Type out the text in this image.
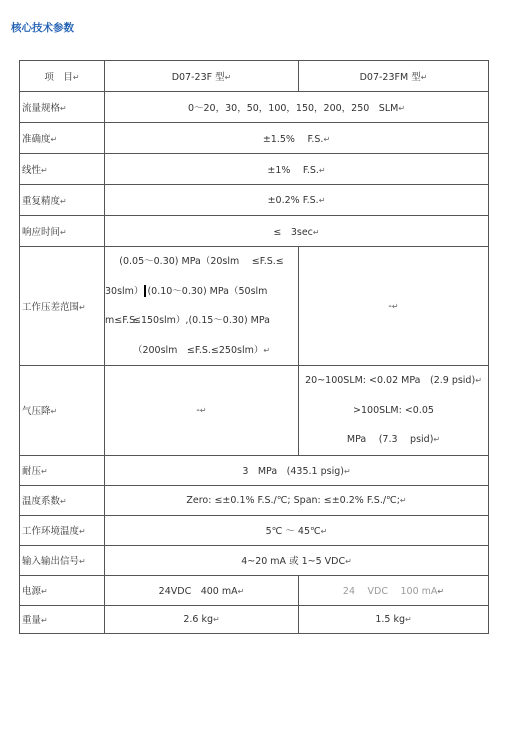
核心技术参数
项　目↵	D07-23F 型↵	D07-23FM 型↵
流量规格↵	0～20，30，50，100，150，200，250　SLM↵	
准确度↵	±1.5%　 F.S.↵	
线性↵	±1%　 F.S.↵	
重复精度↵	±0.2% F.S.↵	
响应时间↵	≤　3sec↵	
工作压差范围↵	(0.05～0.30) MPa（20slm　 ≤F.S.≤
30slm） (0.10～0.30) MPa（50slm m≤F.S.
≤150slm）,(0.15～0.30) MPa
（200slm　≤F.S.≤250slm）↵	-↵
气压降↵	-↵	20~100SLM: <0.02 MPa　(2.9 psid)↵
>100SLM: <0.05
MPa　 (7.3　 psid)↵

耐压↵	3　MPa　(435.1 psig)↵	
温度系数↵	Zero: ≤±0.1% F.S./℃; Span: ≤±0.2% F.S./℃;↵	
工作环境温度↵	5℃ ～ 45℃↵	
输入输出信号↵	4~20 mA 或 1~5 VDC↵	
电源↵	24VDC　400 mA↵	24　 VDC　 100 mA↵
重量↵	2.6 kg↵	1.5 kg↵
